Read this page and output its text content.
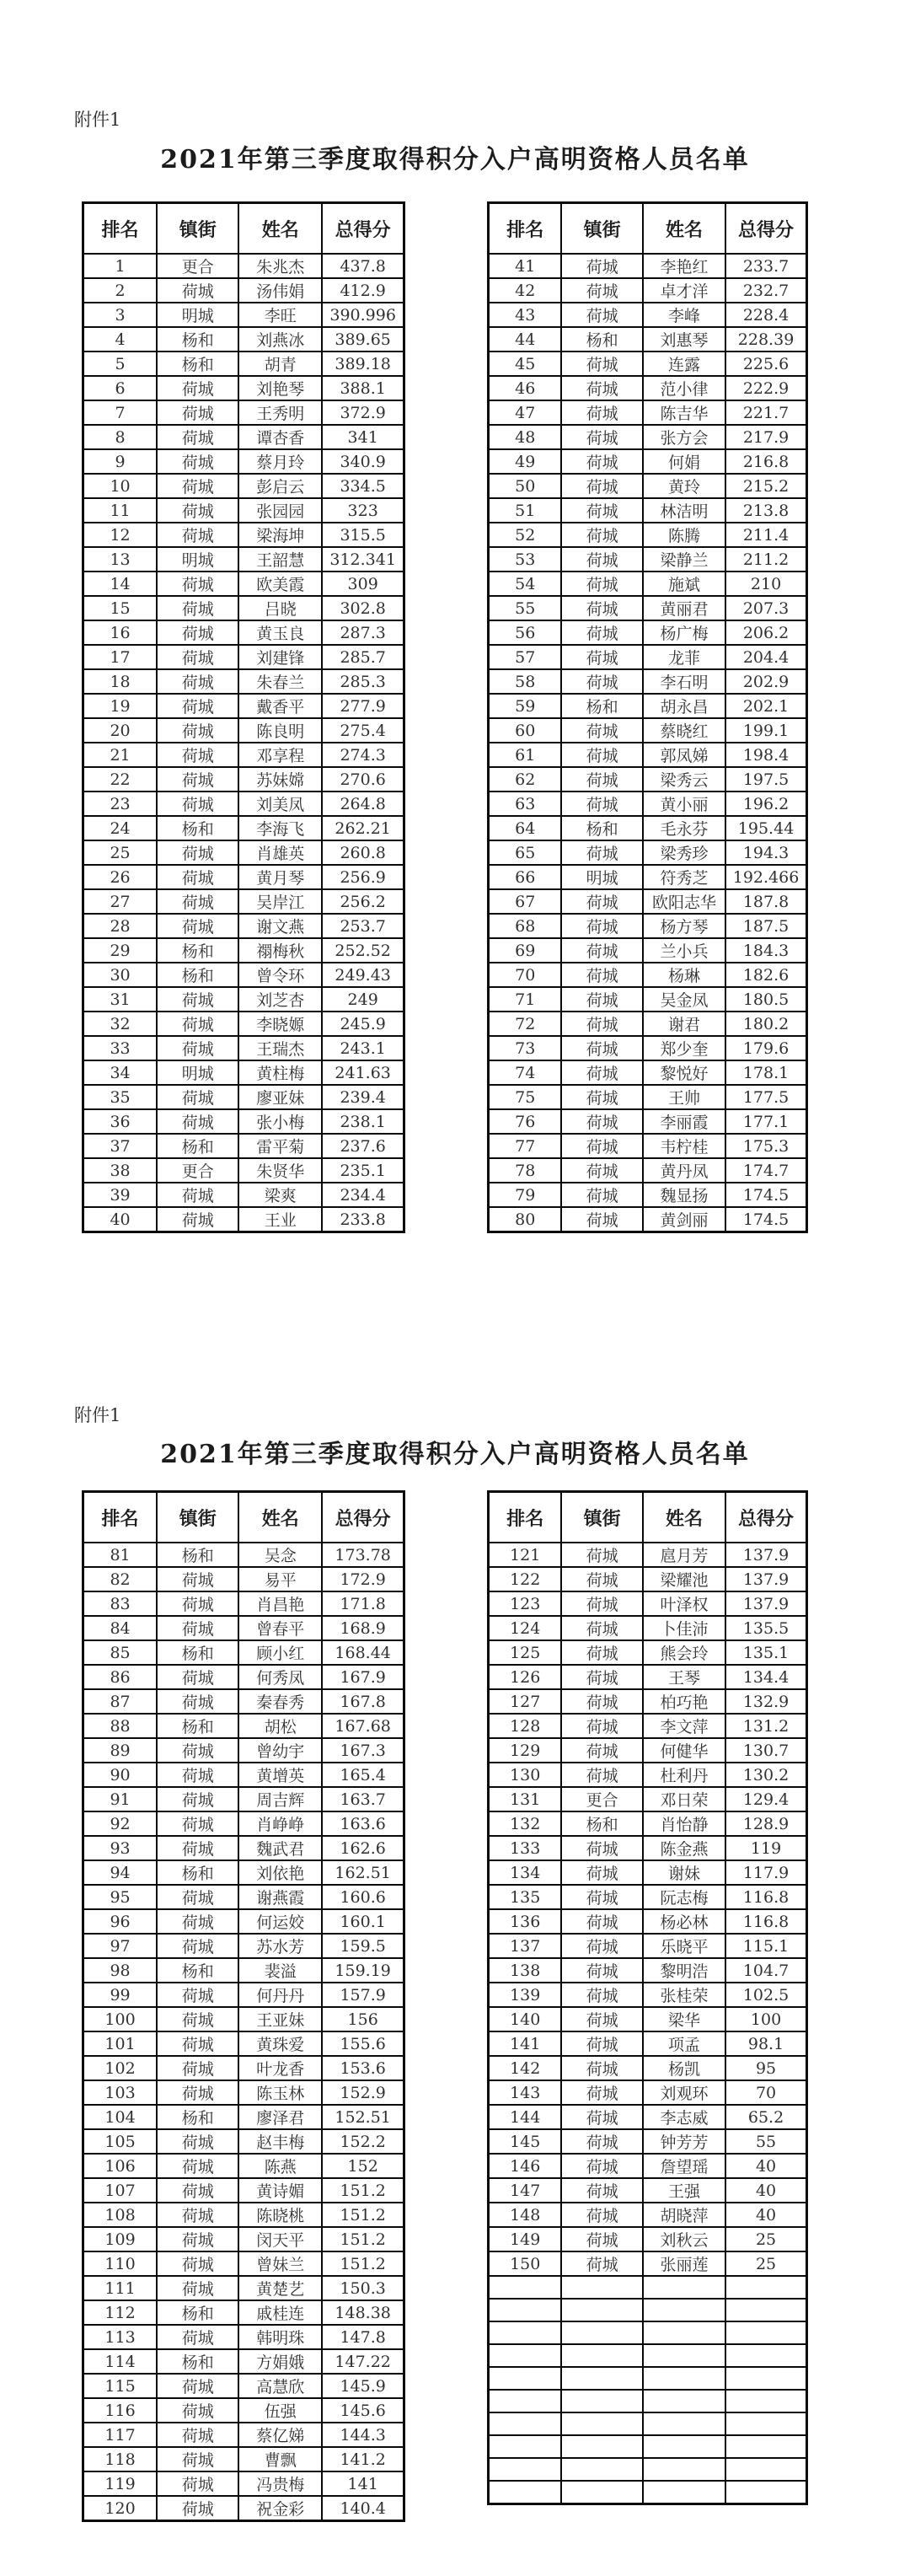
附件1
2021年第三季度取得积分入户高明资格人员名单
排名	镇街	姓名	总得分
1	更合	朱兆杰	437.8
2	荷城	汤伟娟	412.9
3	明城	李旺	390.996
4	杨和	刘燕冰	389.65
5	杨和	胡青	389.18
6	荷城	刘艳琴	388.1
7	荷城	王秀明	372.9
8	荷城	谭杏香	341
9	荷城	蔡月玲	340.9
10	荷城	彭启云	334.5
11	荷城	张园园	323
12	荷城	梁海坤	315.5
13	明城	王韶慧	312.341
14	荷城	欧美霞	309
15	荷城	吕晓	302.8
16	荷城	黄玉良	287.3
17	荷城	刘建锋	285.7
18	荷城	朱春兰	285.3
19	荷城	戴香平	277.9
20	荷城	陈良明	275.4
21	荷城	邓享程	274.3
22	荷城	苏妹嫦	270.6
23	荷城	刘美凤	264.8
24	杨和	李海飞	262.21
25	荷城	肖雄英	260.8
26	荷城	黄月琴	256.9
27	荷城	吴岸江	256.2
28	荷城	谢文燕	253.7
29	杨和	禤梅秋	252.52
30	杨和	曾令环	249.43
31	荷城	刘芝杏	249
32	荷城	李晓嫄	245.9
33	荷城	王瑞杰	243.1
34	明城	黄柱梅	241.63
35	荷城	廖亚妹	239.4
36	荷城	张小梅	238.1
37	杨和	雷平菊	237.6
38	更合	朱贤华	235.1
39	荷城	梁爽	234.4
40	荷城	王业	233.8
排名	镇街	姓名	总得分
41	荷城	李艳红	233.7
42	荷城	卓才洋	232.7
43	荷城	李峰	228.4
44	杨和	刘惠琴	228.39
45	荷城	连露	225.6
46	荷城	范小律	222.9
47	荷城	陈吉华	221.7
48	荷城	张方会	217.9
49	荷城	何娟	216.8
50	荷城	黄玲	215.2
51	荷城	林洁明	213.8
52	荷城	陈腾	211.4
53	荷城	梁静兰	211.2
54	荷城	施斌	210
55	荷城	黄丽君	207.3
56	荷城	杨广梅	206.2
57	荷城	龙菲	204.4
58	荷城	李石明	202.9
59	杨和	胡永昌	202.1
60	荷城	蔡晓红	199.1
61	荷城	郭凤娣	198.4
62	荷城	梁秀云	197.5
63	荷城	黄小丽	196.2
64	杨和	毛永芬	195.44
65	荷城	梁秀珍	194.3
66	明城	符秀芝	192.466
67	荷城	欧阳志华	187.8
68	荷城	杨方琴	187.5
69	荷城	兰小兵	184.3
70	荷城	杨琳	182.6
71	荷城	吴金凤	180.5
72	荷城	谢君	180.2
73	荷城	郑少奎	179.6
74	荷城	黎悦好	178.1
75	荷城	王帅	177.5
76	荷城	李丽霞	177.1
77	荷城	韦柠桂	175.3
78	荷城	黄丹凤	174.7
79	荷城	魏显扬	174.5
80	荷城	黄剑丽	174.5
附件1
2021年第三季度取得积分入户高明资格人员名单
排名	镇街	姓名	总得分
81	杨和	吴念	173.78
82	荷城	易平	172.9
83	荷城	肖昌艳	171.8
84	荷城	曾春平	168.9
85	杨和	顾小红	168.44
86	荷城	何秀凤	167.9
87	荷城	秦春秀	167.8
88	杨和	胡松	167.68
89	荷城	曾幼宇	167.3
90	荷城	黄增英	165.4
91	荷城	周吉辉	163.7
92	荷城	肖峥峥	163.6
93	荷城	魏武君	162.6
94	杨和	刘依艳	162.51
95	荷城	谢燕霞	160.6
96	荷城	何运姣	160.1
97	荷城	苏水芳	159.5
98	杨和	裴溢	159.19
99	荷城	何丹丹	157.9
100	荷城	王亚妹	156
101	荷城	黄珠爱	155.6
102	荷城	叶龙香	153.6
103	荷城	陈玉林	152.9
104	杨和	廖泽君	152.51
105	荷城	赵丰梅	152.2
106	荷城	陈燕	152
107	荷城	黄诗媚	151.2
108	荷城	陈晓桃	151.2
109	荷城	闵天平	151.2
110	荷城	曾妹兰	151.2
111	荷城	黄楚艺	150.3
112	杨和	戚桂连	148.38
113	荷城	韩明珠	147.8
114	杨和	方娟娥	147.22
115	荷城	高慧欣	145.9
116	荷城	伍强	145.6
117	荷城	蔡亿娣	144.3
118	荷城	曹飘	141.2
119	荷城	冯贵梅	141
120	荷城	祝金彩	140.4
排名	镇街	姓名	总得分
121	荷城	扈月芳	137.9
122	荷城	梁耀池	137.9
123	荷城	叶泽权	137.9
124	荷城	卜佳沛	135.5
125	荷城	熊会玲	135.1
126	荷城	王琴	134.4
127	荷城	柏巧艳	132.9
128	荷城	李文萍	131.2
129	荷城	何健华	130.7
130	荷城	杜利丹	130.2
131	更合	邓日荣	129.4
132	杨和	肖怡静	128.9
133	荷城	陈金燕	119
134	荷城	谢妹	117.9
135	荷城	阮志梅	116.8
136	荷城	杨必林	116.8
137	荷城	乐晓平	115.1
138	荷城	黎明浩	104.7
139	荷城	张桂荣	102.5
140	荷城	梁华	100
141	荷城	项孟	98.1
142	荷城	杨凯	95
143	荷城	刘观环	70
144	荷城	李志威	65.2
145	荷城	钟芳芳	55
146	荷城	詹望瑶	40
147	荷城	王强	40
148	荷城	胡晓萍	40
149	荷城	刘秋云	25
150	荷城	张丽莲	25
